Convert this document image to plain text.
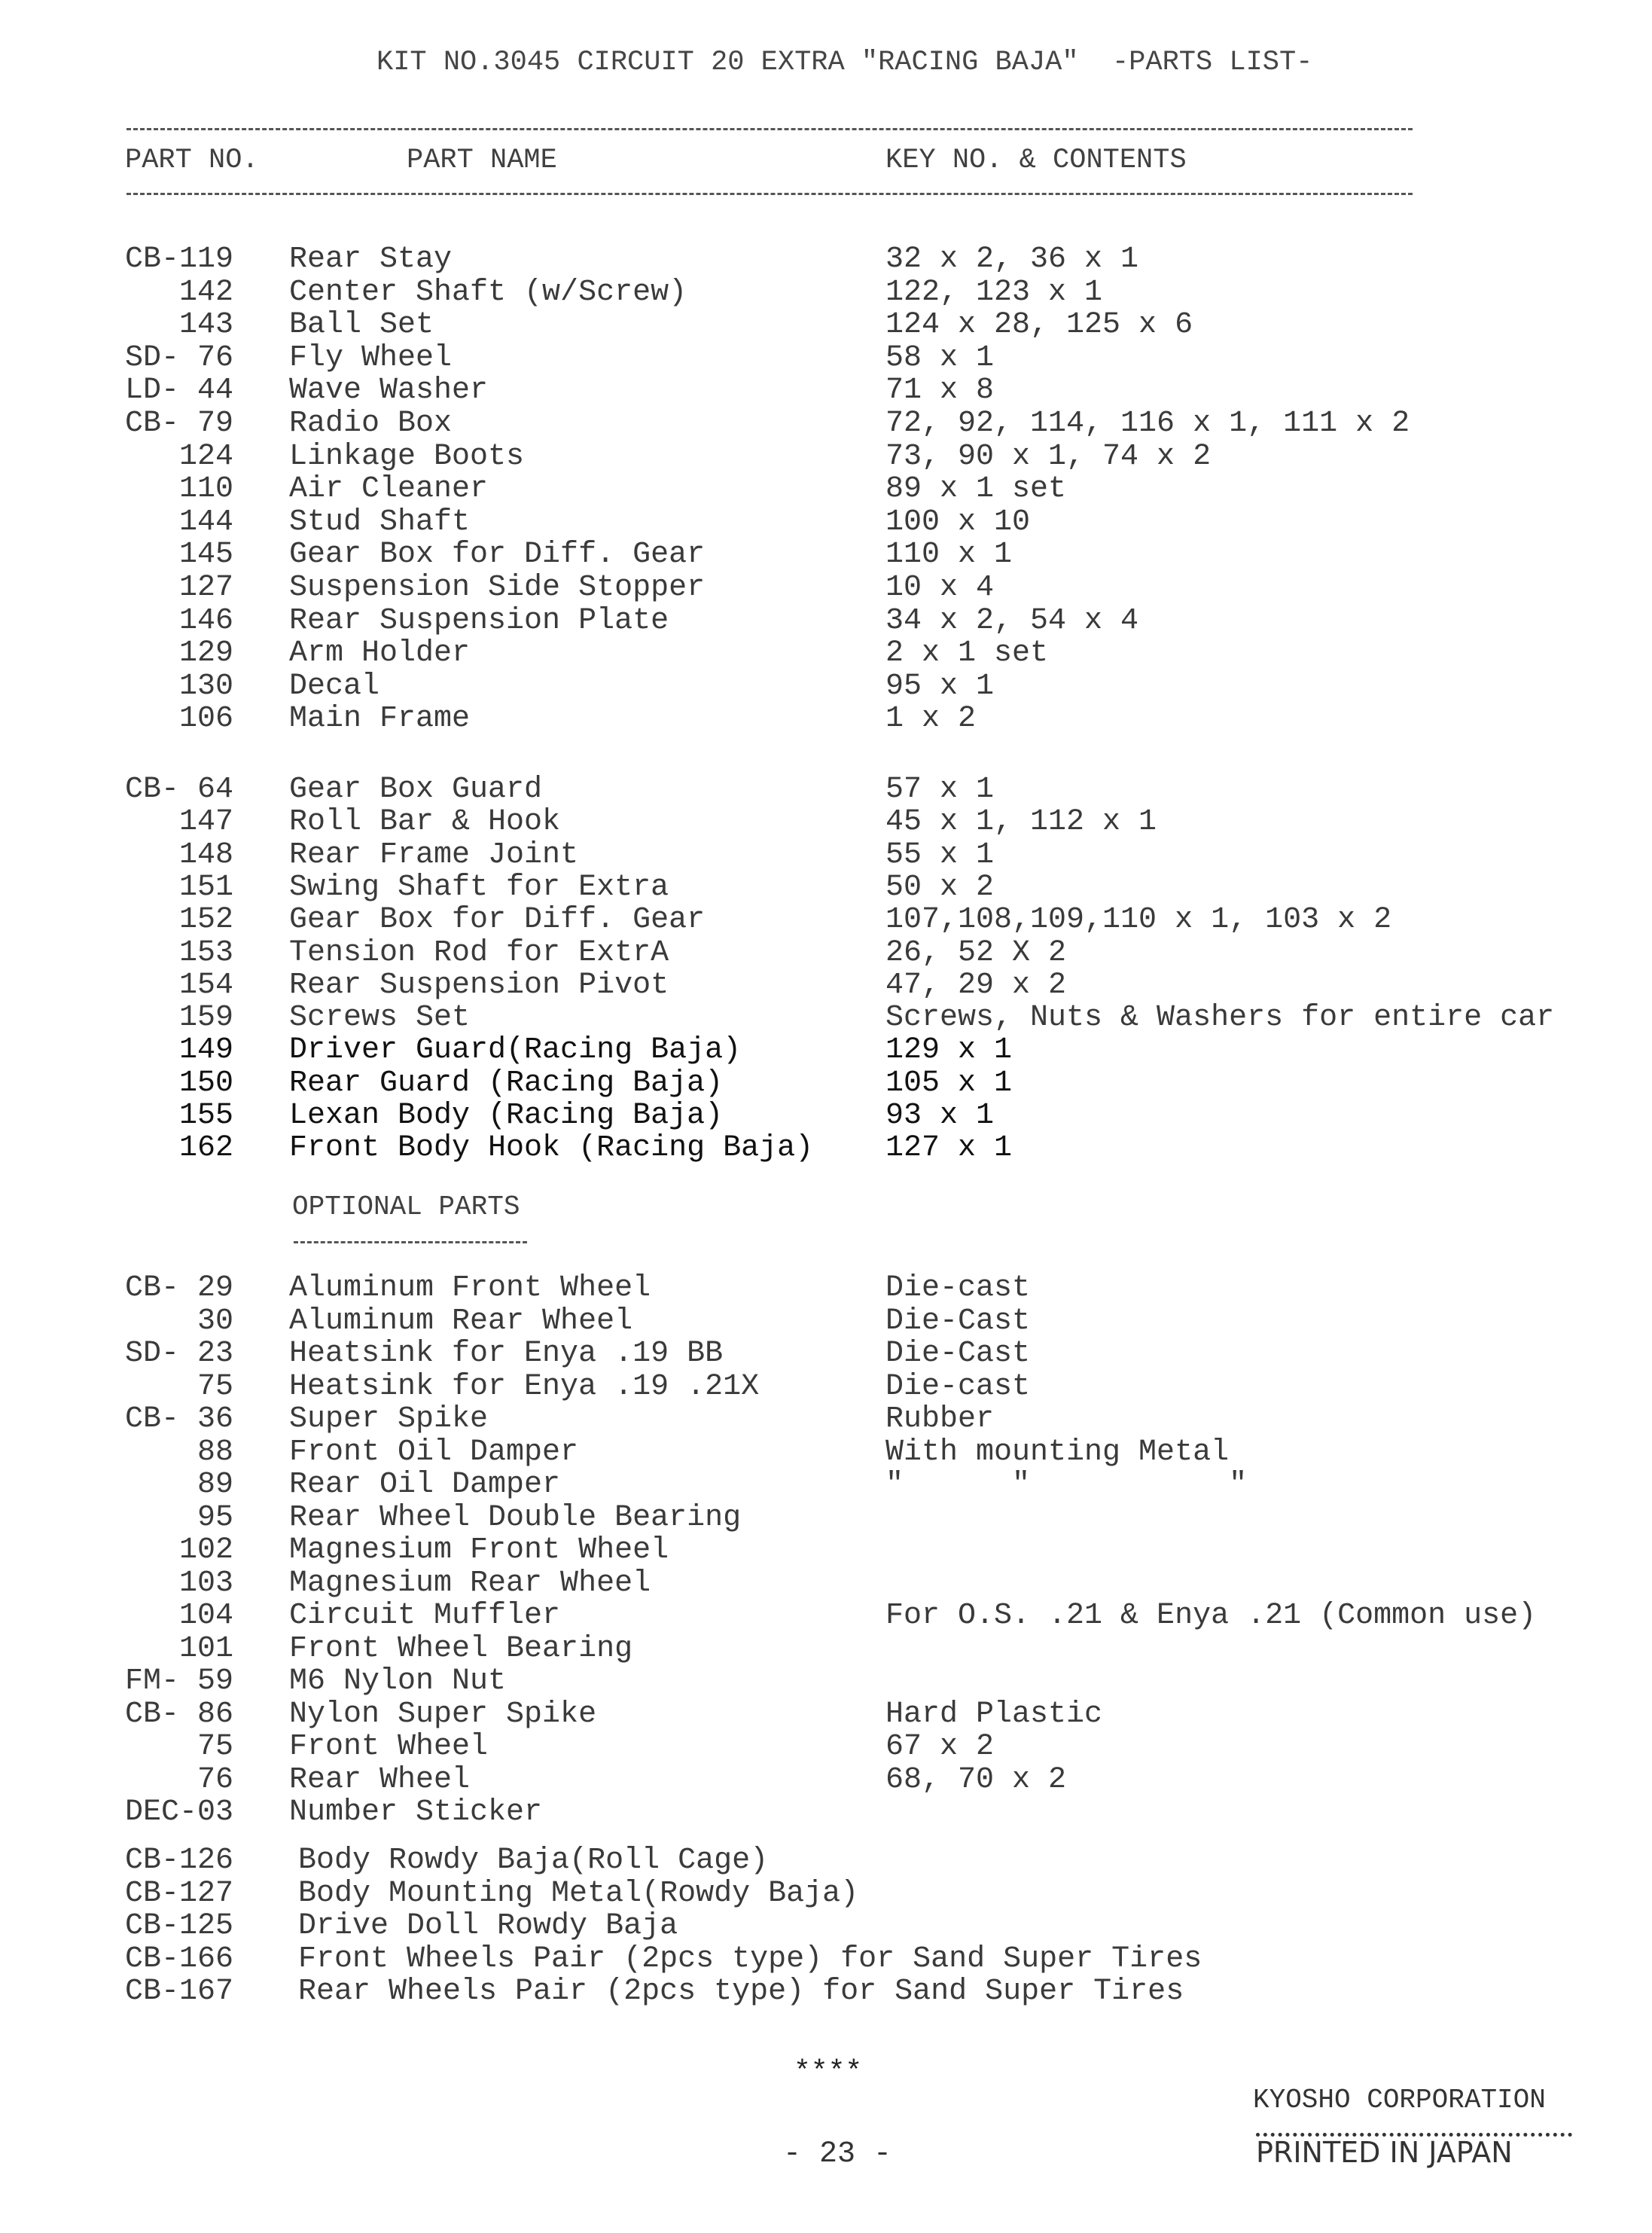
KIT NO.3045 CIRCUIT 20 EXTRA "RACING BAJA"  -PARTS LIST-
PART NO.	PART NAME	KEY NO. & CONTENTS
CB-119 Rear Stay	32 x 2, 36 x 1
142 Center Shaft (w/Screw)	122, 123 x 1
143 Ball Set	124 x 28, 125 x 6
SD- 76 Fly Wheel	58 x 1
LD- 44 Wave Washer	71 x 8
CB- 79 Radio Box	72, 92, 114, 116 x 1, 111 x 2
124 Linkage Boots	73, 90 x 1, 74 x 2
110 Air Cleaner	89 x 1 set
144 Stud Shaft	100 x 10
145 Gear Box for Diff. Gear	110 x 1
127 Suspension Side Stopper	10 x 4
146 Rear Suspension Plate	34 x 2, 54 x 4
129 Arm Holder	2 x 1 set
130 Decal	95 x 1
106 Main Frame	1 x 2
CB- 64 Gear Box Guard	57 x 1
147 Roll Bar & Hook	45 x 1, 112 x 1
148 Rear Frame Joint	55 x 1
151 Swing Shaft for Extra	50 x 2
152 Gear Box for Diff. Gear	107,108,109,110 x 1, 103 x 2
153 Tension Rod for ExtrA	26, 52 X 2
154 Rear Suspension Pivot	47, 29 x 2
159 Screws Set	Screws, Nuts & Washers for entire car
149 Driver Guard(Racing Baja)	129 x 1
150 Rear Guard (Racing Baja)	105 x 1
155 Lexan Body (Racing Baja)	93 x 1
162 Front Body Hook (Racing Baja) 127 x 1
OPTIONAL PARTS
CB- 29 Aluminum Front Wheel	Die-cast
30 Aluminum Rear Wheel	Die-Cast
SD- 23 Heatsink for Enya .19 BB	Die-Cast
75 Heatsink for Enya .19 .21X	Die-cast
CB- 36 Super Spike	Rubber
88 Front Oil Damper	With mounting Metal
89 Rear Oil Damper	"      "           "
95 Rear Wheel Double Bearing
102 Magnesium Front Wheel
103 Magnesium Rear Wheel
104 Circuit Muffler	For O.S. .21 & Enya .21 (Common use)
101 Front Wheel Bearing
FM- 59 M6 Nylon Nut
CB- 86 Nylon Super Spike	Hard Plastic
75 Front Wheel	67 x 2
76 Rear Wheel	68, 70 x 2
DEC-03 Number Sticker
CB-126 Body Rowdy Baja(Roll Cage)
CB-127 Body Mounting Metal(Rowdy Baja)
CB-125 Drive Doll Rowdy Baja
CB-166 Front Wheels Pair (2pcs type) for Sand Super Tires
CB-167 Rear Wheels Pair (2pcs type) for Sand Super Tires
****
KYOSHO CORPORATION
- 23 -	PRINTED IN JAPAN
